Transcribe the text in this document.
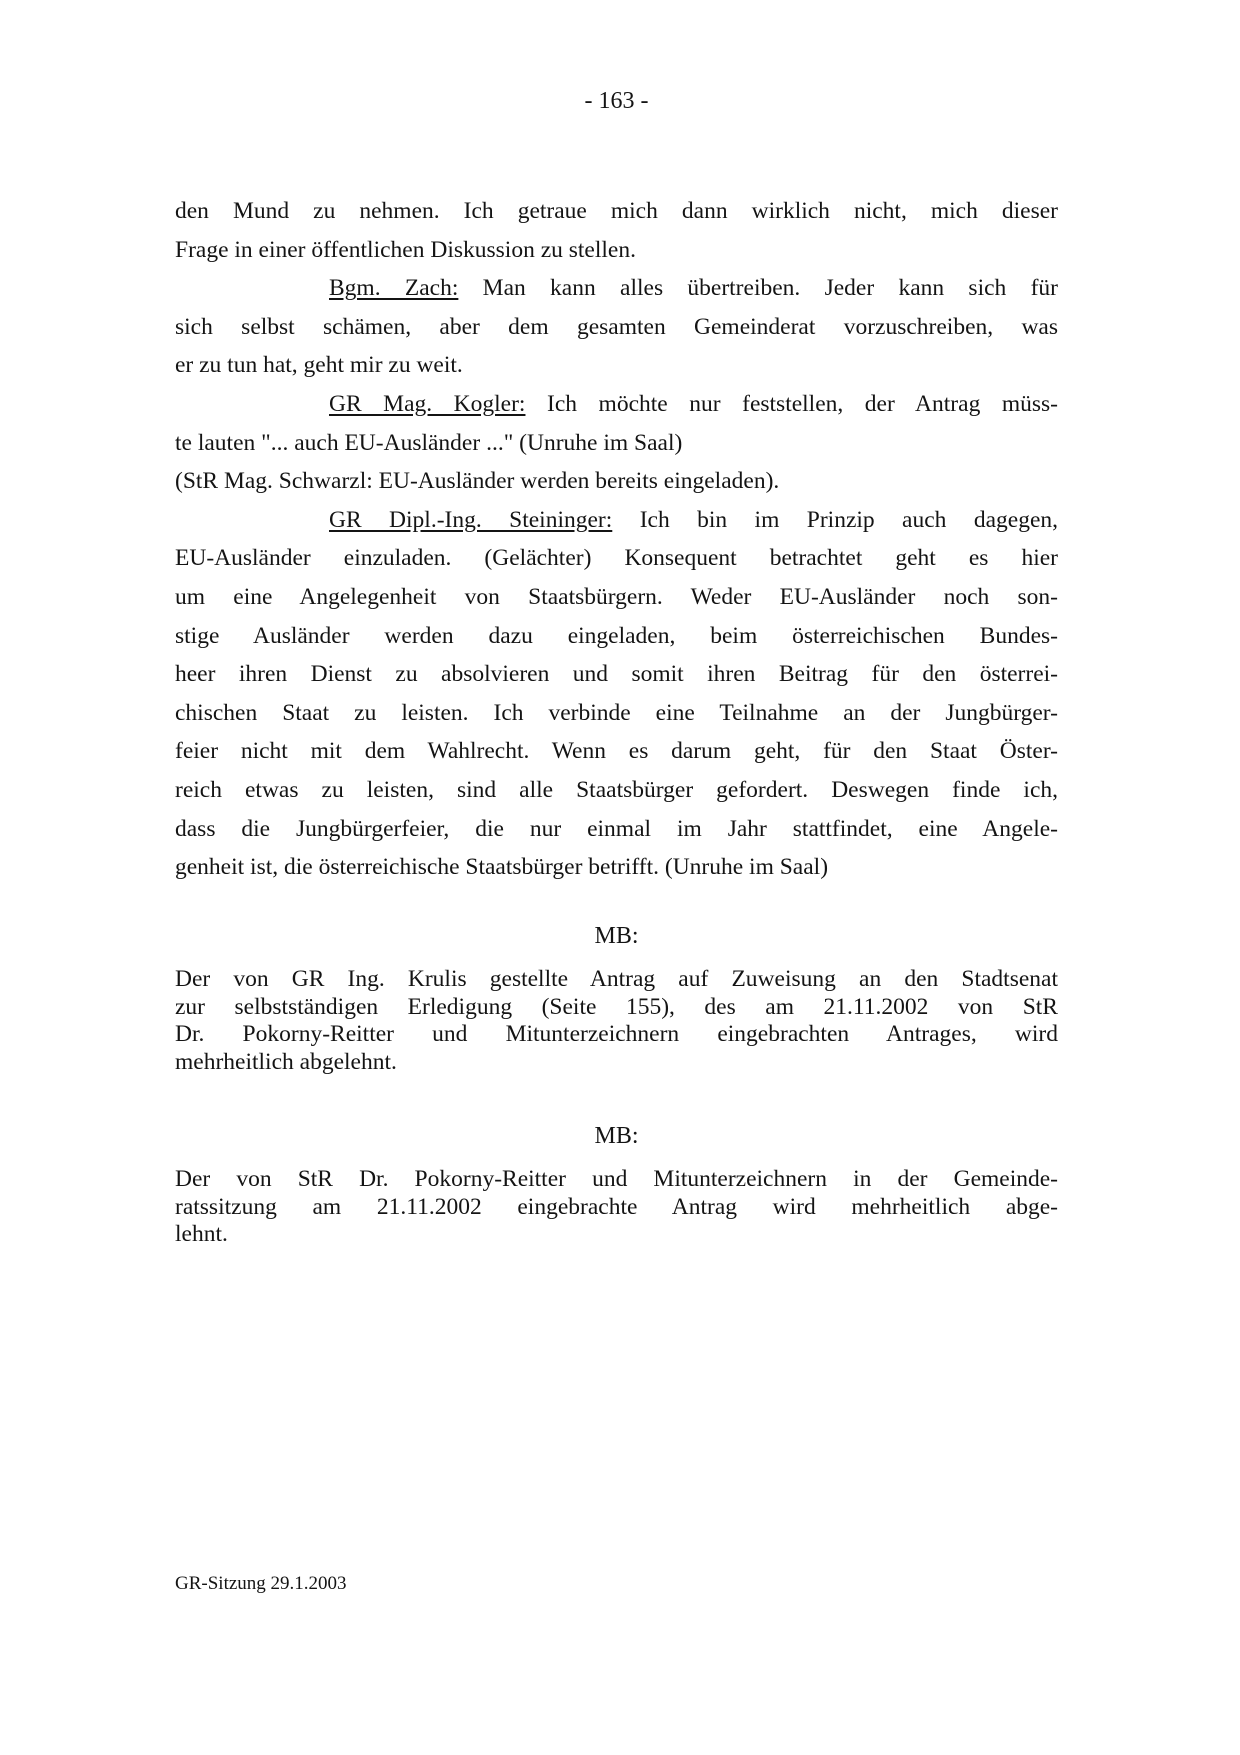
- 163 -
den Mund zu nehmen. Ich getraue mich dann wirklich nicht, mich dieser
Frage in einer öffentlichen Diskussion zu stellen.
Bgm. Zach: Man kann alles übertreiben. Jeder kann sich für
sich selbst schämen, aber dem gesamten Gemeinderat vorzuschreiben, was
er zu tun hat, geht mir zu weit.
GR Mag. Kogler: Ich möchte nur feststellen, der Antrag müss-
te lauten "... auch EU-Ausländer ..." (Unruhe im Saal)
(StR Mag. Schwarzl: EU-Ausländer werden bereits eingeladen).
GR Dipl.-Ing. Steininger: Ich bin im Prinzip auch dagegen,
EU-Ausländer einzuladen. (Gelächter) Konsequent betrachtet geht es hier
um eine Angelegenheit von Staatsbürgern. Weder EU-Ausländer noch son-
stige Ausländer werden dazu eingeladen, beim österreichischen Bundes-
heer ihren Dienst zu absolvieren und somit ihren Beitrag für den österrei-
chischen Staat zu leisten. Ich verbinde eine Teilnahme an der Jungbürger-
feier nicht mit dem Wahlrecht. Wenn es darum geht, für den Staat Öster-
reich etwas zu leisten, sind alle Staatsbürger gefordert. Deswegen finde ich,
dass die Jungbürgerfeier, die nur einmal im Jahr stattfindet, eine Angele-
genheit ist, die österreichische Staatsbürger betrifft. (Unruhe im Saal)
MB:
Der von GR Ing. Krulis gestellte Antrag auf Zuweisung an den Stadtsenat
zur selbstständigen Erledigung (Seite 155), des am 21.11.2002 von StR
Dr. Pokorny-Reitter und Mitunterzeichnern eingebrachten Antrages, wird
mehrheitlich abgelehnt.
MB:
Der von StR Dr. Pokorny-Reitter und Mitunterzeichnern in der Gemeinde-
ratssitzung am 21.11.2002 eingebrachte Antrag wird mehrheitlich abge-
lehnt.
GR-Sitzung 29.1.2003
